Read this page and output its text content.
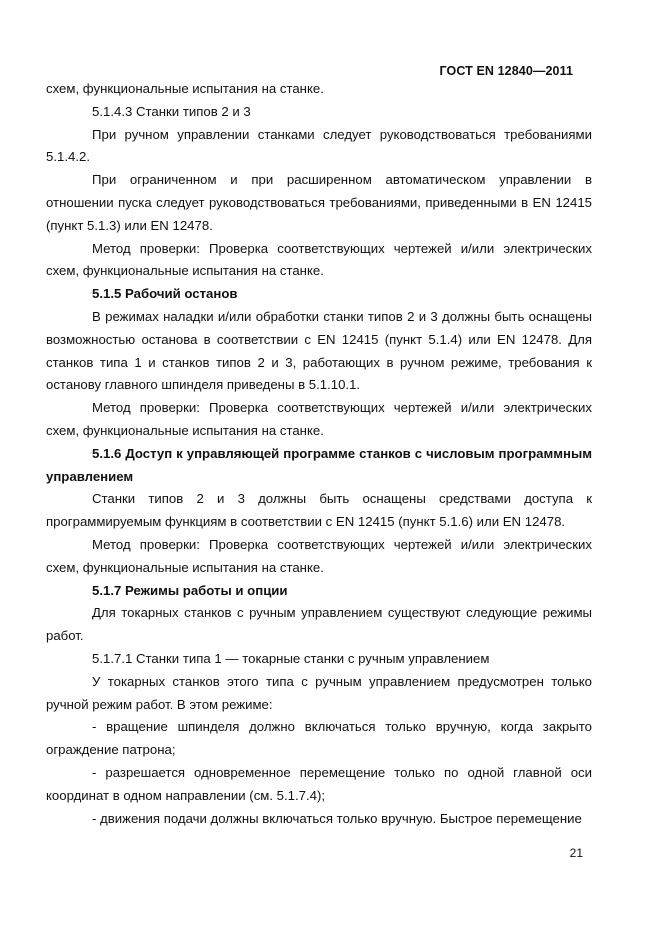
ГОСТ EN 12840—2011

схем, функциональные испытания на станке.

5.1.4.3 Станки типов 2 и 3

При ручном управлении станками следует руководствоваться требованиями 5.1.4.2.

При ограниченном и при расширенном автоматическом управлении в отношении пуска следует руководствоваться требованиями, приведенными в EN 12415 (пункт 5.1.3) или EN 12478.

Метод проверки: Проверка соответствующих чертежей и/или электрических схем, функциональные испытания на станке.

5.1.5 Рабочий останов

В режимах наладки и/или обработки станки типов 2 и 3 должны быть оснащены возможностью останова в соответствии с EN 12415 (пункт 5.1.4) или EN 12478. Для станков типа 1 и станков типов 2 и 3, работающих в ручном режиме, требования к останову главного шпинделя приведены в 5.1.10.1.

Метод проверки: Проверка соответствующих чертежей и/или электрических схем, функциональные испытания на станке.

5.1.6 Доступ к управляющей программе станков с числовым программным управлением

Станки типов 2 и 3 должны быть оснащены средствами доступа к программируемым функциям в соответствии с EN 12415 (пункт 5.1.6) или EN 12478.

Метод проверки: Проверка соответствующих чертежей и/или электрических схем, функциональные испытания на станке.

5.1.7 Режимы работы и опции

Для токарных станков с ручным управлением существуют следующие режимы работ.

5.1.7.1 Станки типа 1 — токарные станки с ручным управлением

У токарных станков этого типа с ручным управлением предусмотрен только ручной режим работ. В этом режиме:

- вращение шпинделя должно включаться только вручную, когда закрыто ограждение патрона;

- разрешается одновременное перемещение только по одной главной оси координат в одном направлении (см. 5.1.7.4);

- движения подачи должны включаться только вручную. Быстрое перемещение

21
